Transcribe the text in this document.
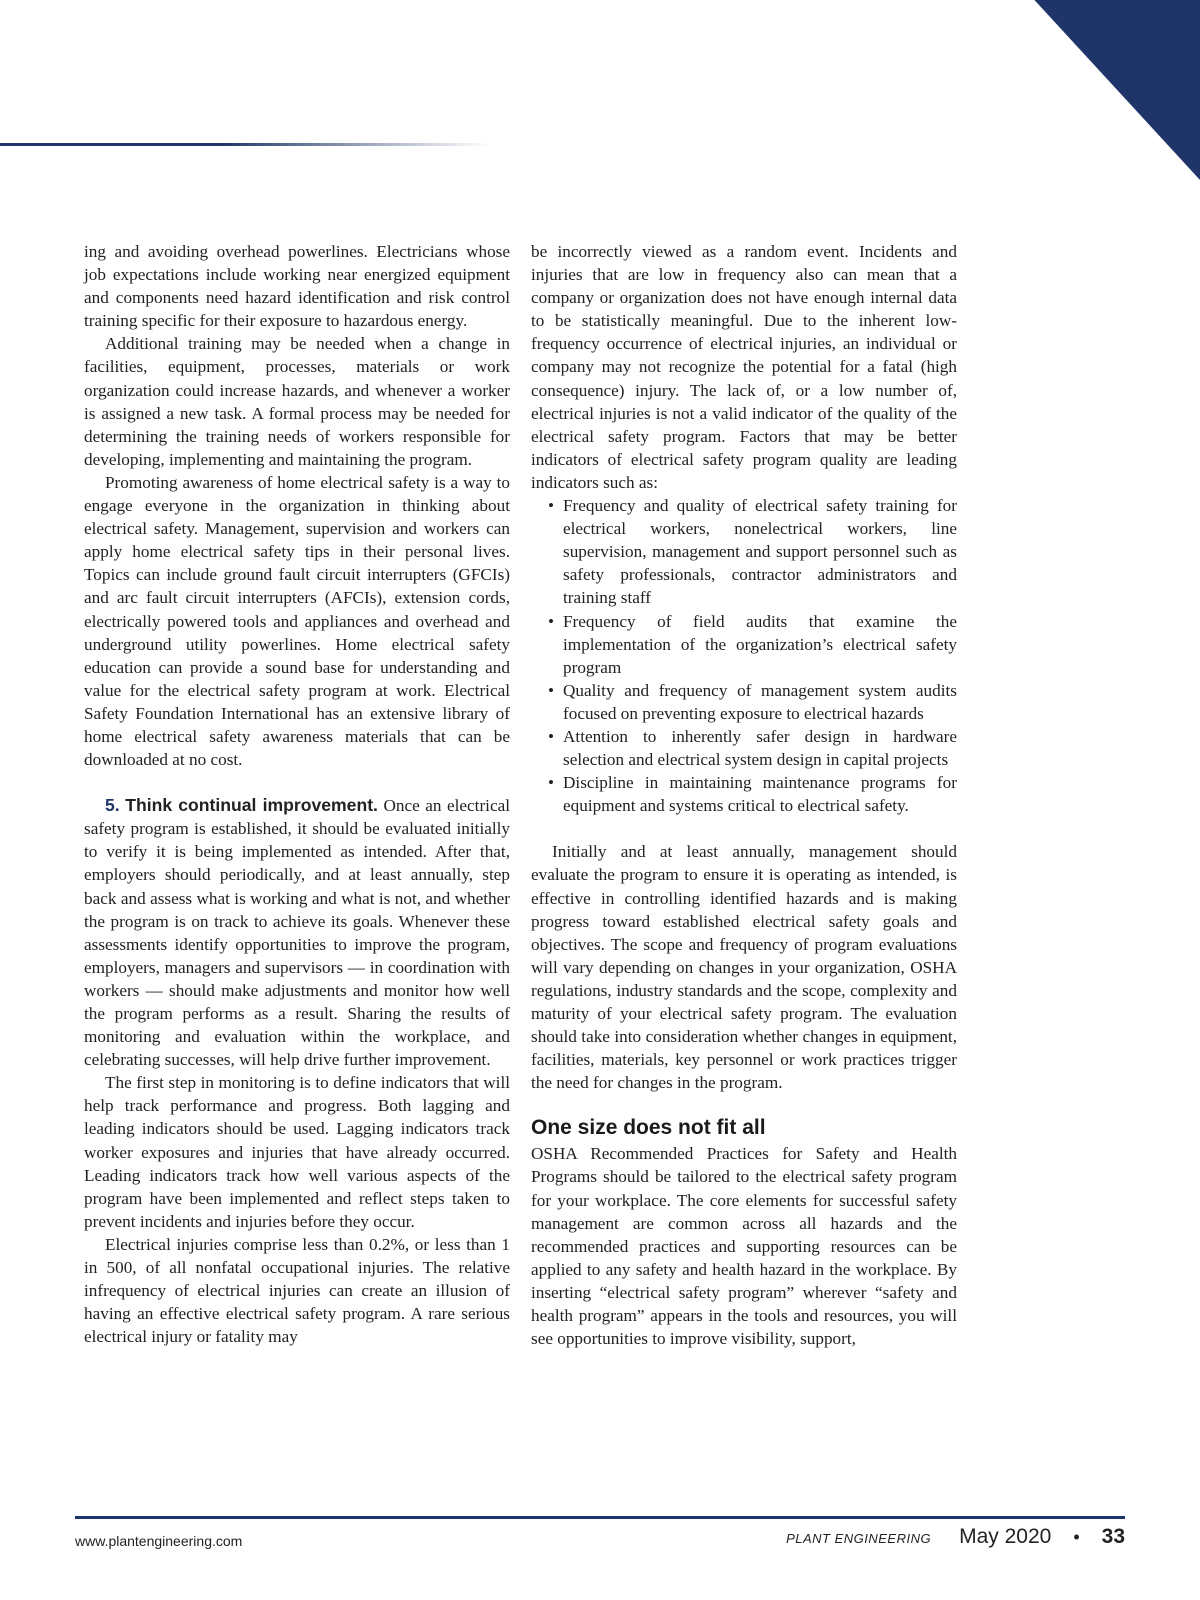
ing and avoiding overhead powerlines. Electricians whose job expectations include working near energized equipment and components need hazard identification and risk control training specific for their exposure to hazardous energy.

Additional training may be needed when a change in facilities, equipment, processes, materials or work organization could increase hazards, and whenever a worker is assigned a new task. A formal process may be needed for determining the training needs of workers responsible for developing, implementing and maintaining the program.

Promoting awareness of home electrical safety is a way to engage everyone in the organization in thinking about electrical safety. Management, supervision and workers can apply home electrical safety tips in their personal lives. Topics can include ground fault circuit interrupters (GFCIs) and arc fault circuit interrupters (AFCIs), extension cords, electrically powered tools and appliances and overhead and underground utility powerlines. Home electrical safety education can provide a sound base for understanding and value for the electrical safety program at work. Electrical Safety Foundation International has an extensive library of home electrical safety awareness materials that can be downloaded at no cost.

5. Think continual improvement. Once an electrical safety program is established, it should be evaluated initially to verify it is being implemented as intended. After that, employers should periodically, and at least annually, step back and assess what is working and what is not, and whether the program is on track to achieve its goals. Whenever these assessments identify opportunities to improve the program, employers, managers and supervisors — in coordination with workers — should make adjustments and monitor how well the program performs as a result. Sharing the results of monitoring and evaluation within the workplace, and celebrating successes, will help drive further improvement.

The first step in monitoring is to define indicators that will help track performance and progress. Both lagging and leading indicators should be used. Lagging indicators track worker exposures and injuries that have already occurred. Leading indicators track how well various aspects of the program have been implemented and reflect steps taken to prevent incidents and injuries before they occur.

Electrical injuries comprise less than 0.2%, or less than 1 in 500, of all nonfatal occupational injuries. The relative infrequency of electrical injuries can create an illusion of having an effective electrical safety program. A rare serious electrical injury or fatality may

be incorrectly viewed as a random event. Incidents and injuries that are low in frequency also can mean that a company or organization does not have enough internal data to be statistically meaningful. Due to the inherent low-frequency occurrence of electrical injuries, an individual or company may not recognize the potential for a fatal (high consequence) injury. The lack of, or a low number of, electrical injuries is not a valid indicator of the quality of the electrical safety program. Factors that may be better indicators of electrical safety program quality are leading indicators such as:

• Frequency and quality of electrical safety training for electrical workers, nonelectrical workers, line supervision, management and support personnel such as safety professionals, contractor administrators and training staff
• Frequency of field audits that examine the implementation of the organization’s electrical safety program
• Quality and frequency of management system audits focused on preventing exposure to electrical hazards
• Attention to inherently safer design in hardware selection and electrical system design in capital projects
• Discipline in maintaining maintenance programs for equipment and systems critical to electrical safety.

Initially and at least annually, management should evaluate the program to ensure it is operating as intended, is effective in controlling identified hazards and is making progress toward established electrical safety goals and objectives. The scope and frequency of program evaluations will vary depending on changes in your organization, OSHA regulations, industry standards and the scope, complexity and maturity of your electrical safety program. The evaluation should take into consideration whether changes in equipment, facilities, materials, key personnel or work practices trigger the need for changes in the program.

One size does not fit all

OSHA Recommended Practices for Safety and Health Programs should be tailored to the electrical safety program for your workplace. The core elements for successful safety management are common across all hazards and the recommended practices and supporting resources can be applied to any safety and health hazard in the workplace. By inserting “electrical safety program” wherever “safety and health program” appears in the tools and resources, you will see opportunities to improve visibility, support,

www.plantengineering.com	PLANT ENGINEERING May 2020 • 33
